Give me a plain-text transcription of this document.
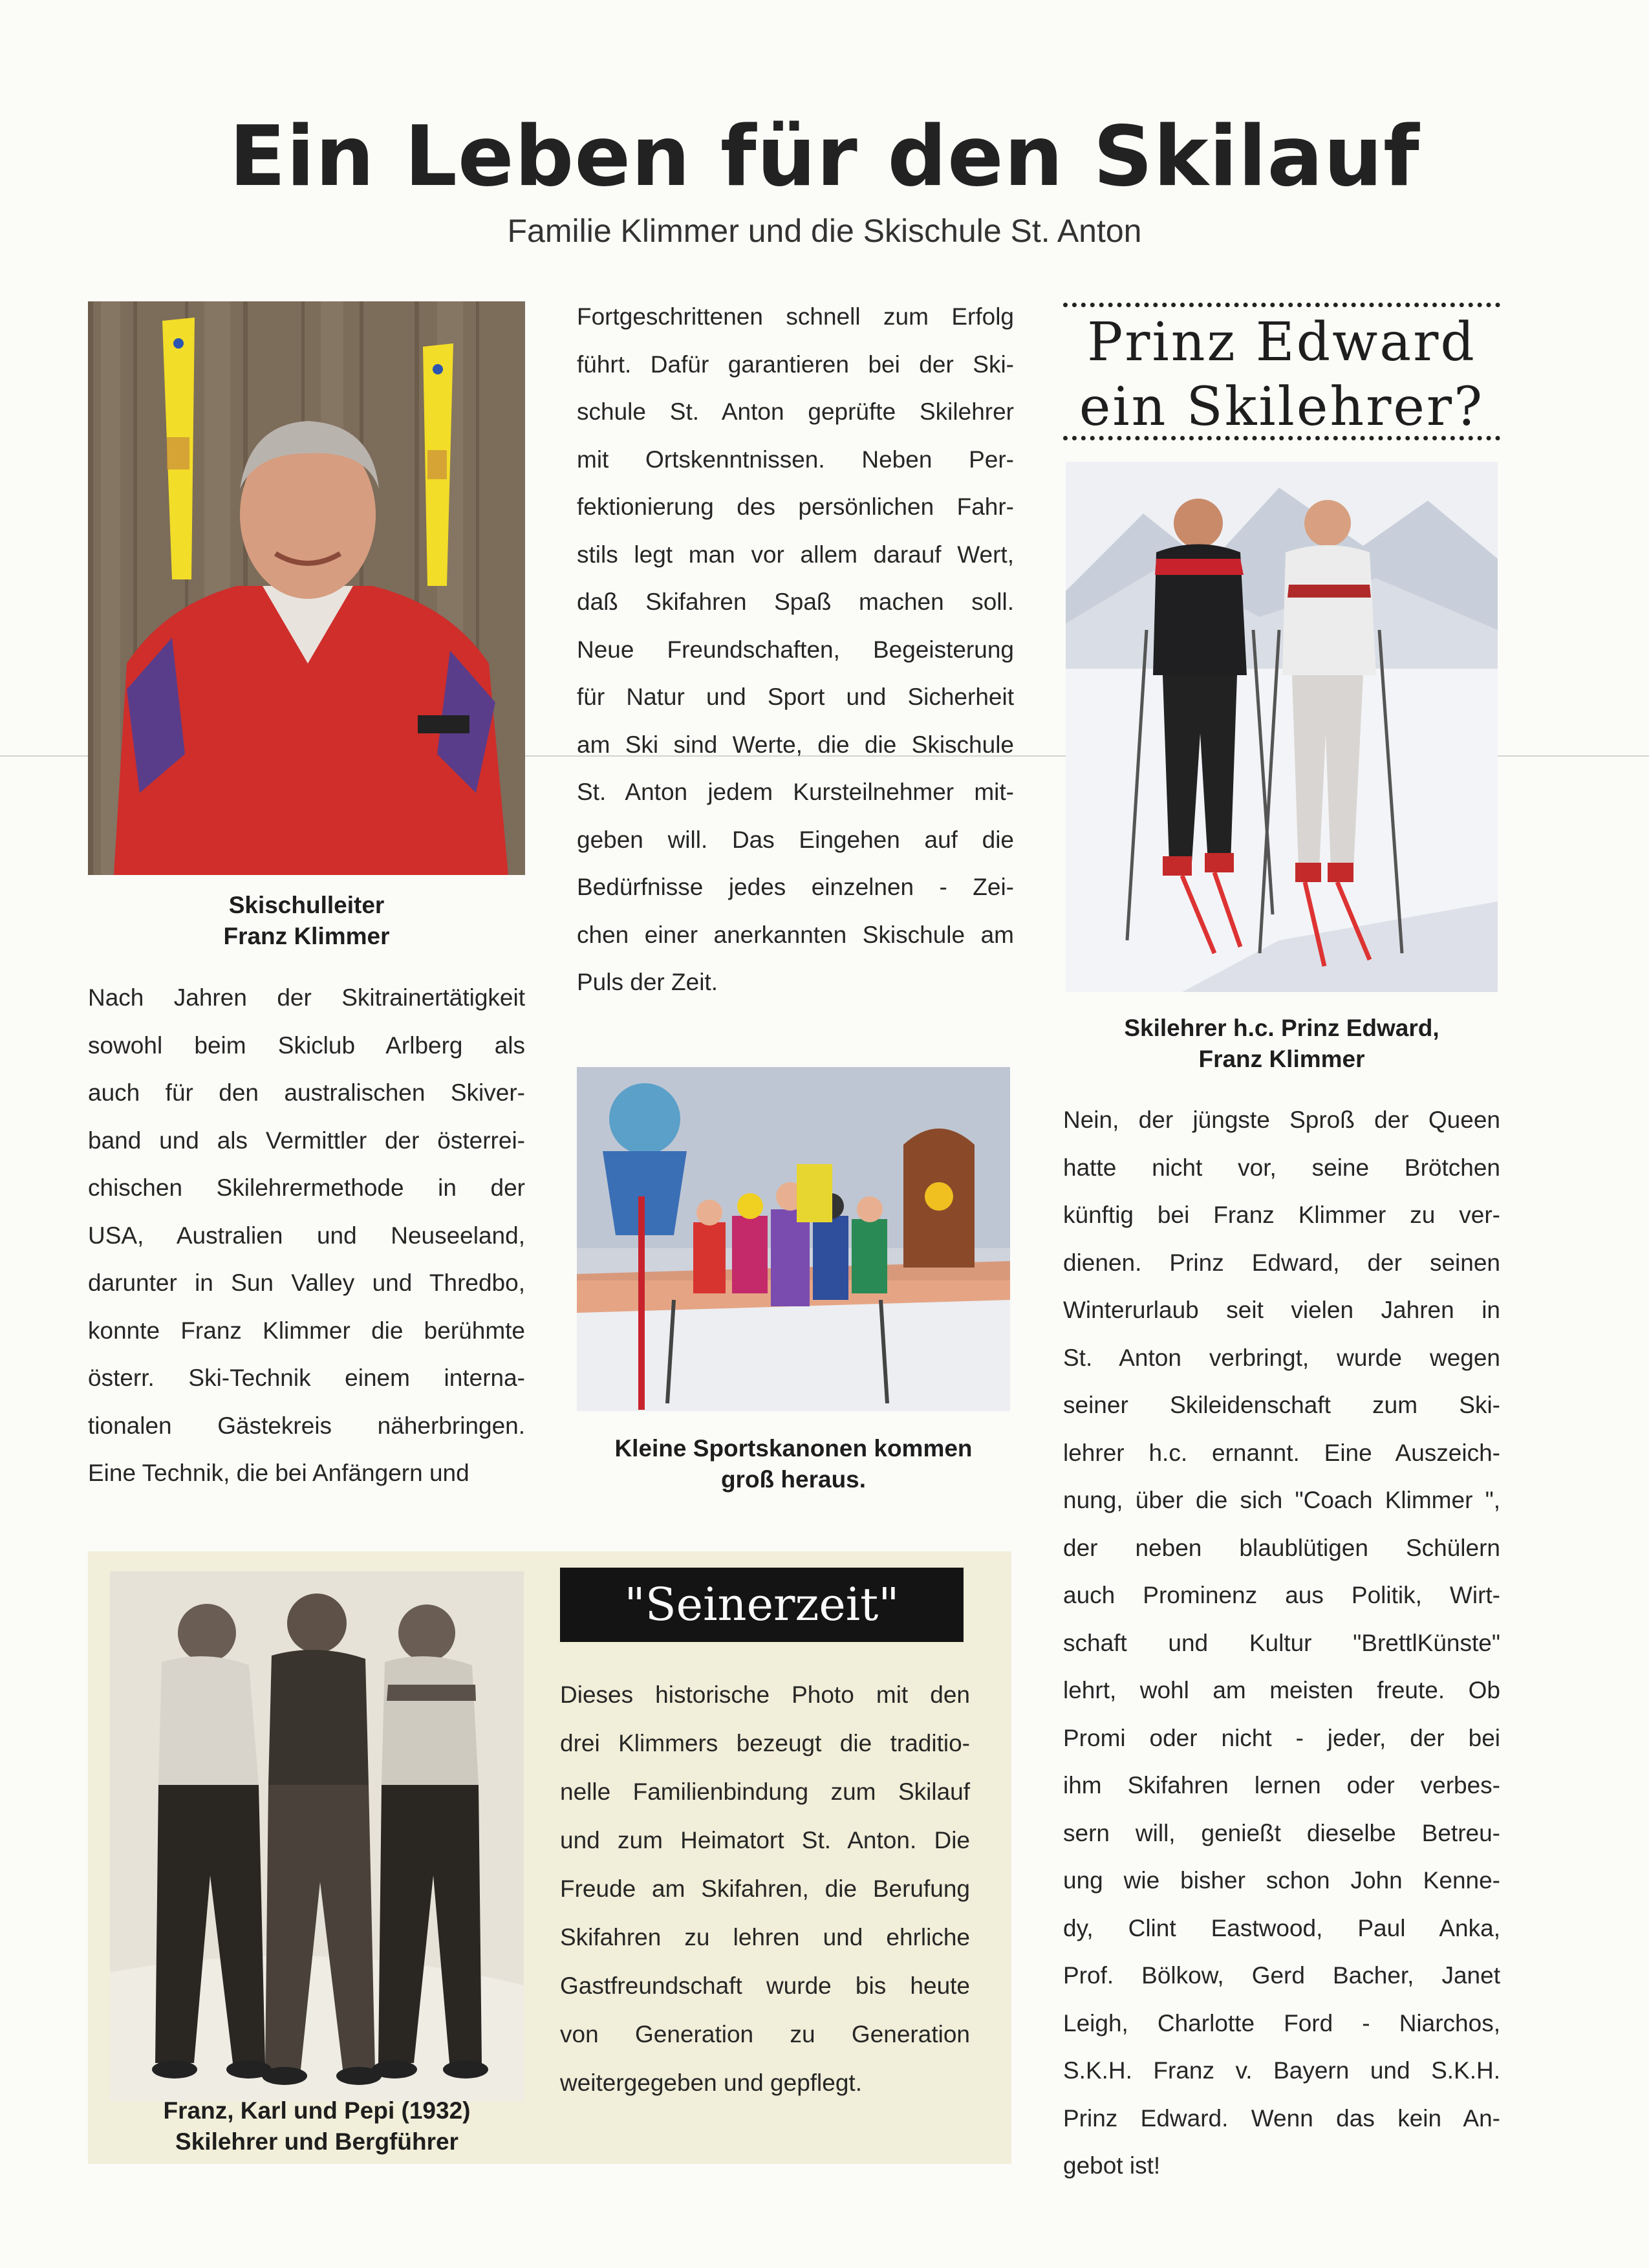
Ein Leben für den Skilauf
Familie Klimmer und die Skischule St. Anton
Skischulleiter
Franz Klimmer
Nach Jahren der Skitrainertätigkeit
sowohl beim Skiclub Arlberg als
auch für den australischen Skiver-
band und als Vermittler der österrei-
chischen Skilehrermethode in der
USA, Australien und Neuseeland,
darunter in Sun Valley und Thredbo,
konnte Franz Klimmer die berühmte
österr. Ski-Technik einem interna-
tionalen Gästekreis näherbringen.
Eine Technik, die bei Anfängern und
Fortgeschrittenen schnell zum Erfolg
führt. Dafür garantieren bei der Ski-
schule St. Anton geprüfte Skilehrer
mit Ortskenntnissen. Neben Per-
fektionierung des persönlichen Fahr-
stils legt man vor allem darauf Wert,
daß Skifahren Spaß machen soll.
Neue Freundschaften, Begeisterung
für Natur und Sport und Sicherheit
am Ski sind Werte, die die Skischule
St. Anton jedem Kursteilnehmer mit-
geben will. Das Eingehen auf die
Bedürfnisse jedes einzelnen - Zei-
chen einer anerkannten Skischule am
Puls der Zeit.
Kleine Sportskanonen kommen
groß heraus.
Prinz Edward
ein Skilehrer?
Skilehrer h.c. Prinz Edward,
Franz Klimmer
Nein, der jüngste Sproß der Queen
hatte nicht vor, seine Brötchen
künftig bei Franz Klimmer zu ver-
dienen. Prinz Edward, der seinen
Winterurlaub seit vielen Jahren in
St. Anton verbringt, wurde wegen
seiner Skileidenschaft zum Ski-
lehrer h.c. ernannt. Eine Auszeich-
nung, über die sich "Coach Klimmer ",
der neben blaublütigen Schülern
auch Prominenz aus Politik, Wirt-
schaft und Kultur "BrettlKünste"
lehrt, wohl am meisten freute. Ob
Promi oder nicht - jeder, der bei
ihm Skifahren lernen oder verbes-
sern will, genießt dieselbe Betreu-
ung wie bisher schon John Kenne-
dy, Clint Eastwood, Paul Anka,
Prof. Bölkow, Gerd Bacher, Janet
Leigh, Charlotte Ford - Niarchos,
S.K.H. Franz v. Bayern und S.K.H.
Prinz Edward. Wenn das kein An-
gebot ist!
Franz, Karl und Pepi (1932)
Skilehrer und Bergführer
"Seinerzeit"
Dieses historische Photo mit den
drei Klimmers bezeugt die traditio-
nelle Familienbindung zum Skilauf
und zum Heimatort St. Anton. Die
Freude am Skifahren, die Berufung
Skifahren zu lehren und ehrliche
Gastfreundschaft wurde bis heute
von Generation zu Generation
weitergegeben und gepflegt.
